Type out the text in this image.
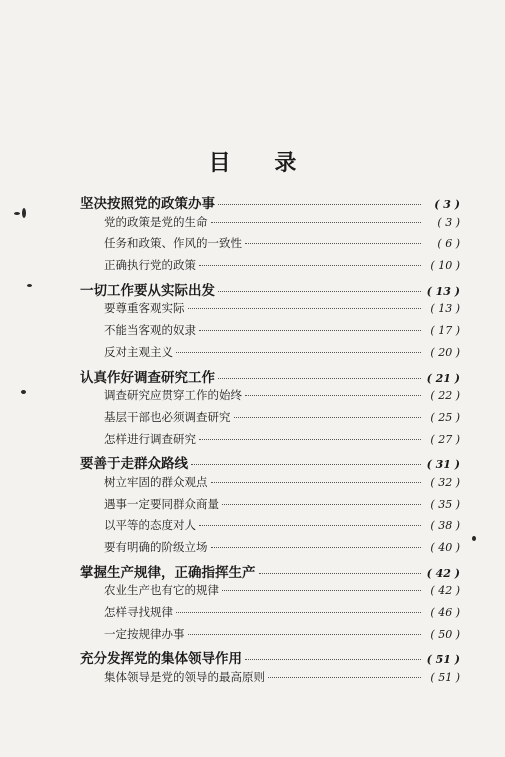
目 录
坚决按照党的政策办事	( 3 )
党的政策是党的生命	( 3 )
任务和政策、作风的一致性	( 6 )
正确执行党的政策	( 10 )
一切工作要从实际出发	( 13 )
要尊重客观实际	( 13 )
不能当客观的奴隶	( 17 )
反对主观主义	( 20 )
认真作好调查研究工作	( 21 )
调查研究应贯穿工作的始终	( 22 )
基层干部也必须调查研究	( 25 )
怎样进行调查研究	( 27 )
要善于走群众路线	( 31 )
树立牢固的群众观点	( 32 )
遇事一定要同群众商量	( 35 )
以平等的态度对人	( 38 )
要有明确的阶级立场	( 40 )
掌握生产规律，正确指挥生产	( 42 )
农业生产也有它的规律	( 42 )
怎样寻找规律	( 46 )
一定按规律办事	( 50 )
充分发挥党的集体领导作用	( 51 )
集体领导是党的领导的最高原则	( 51 )
